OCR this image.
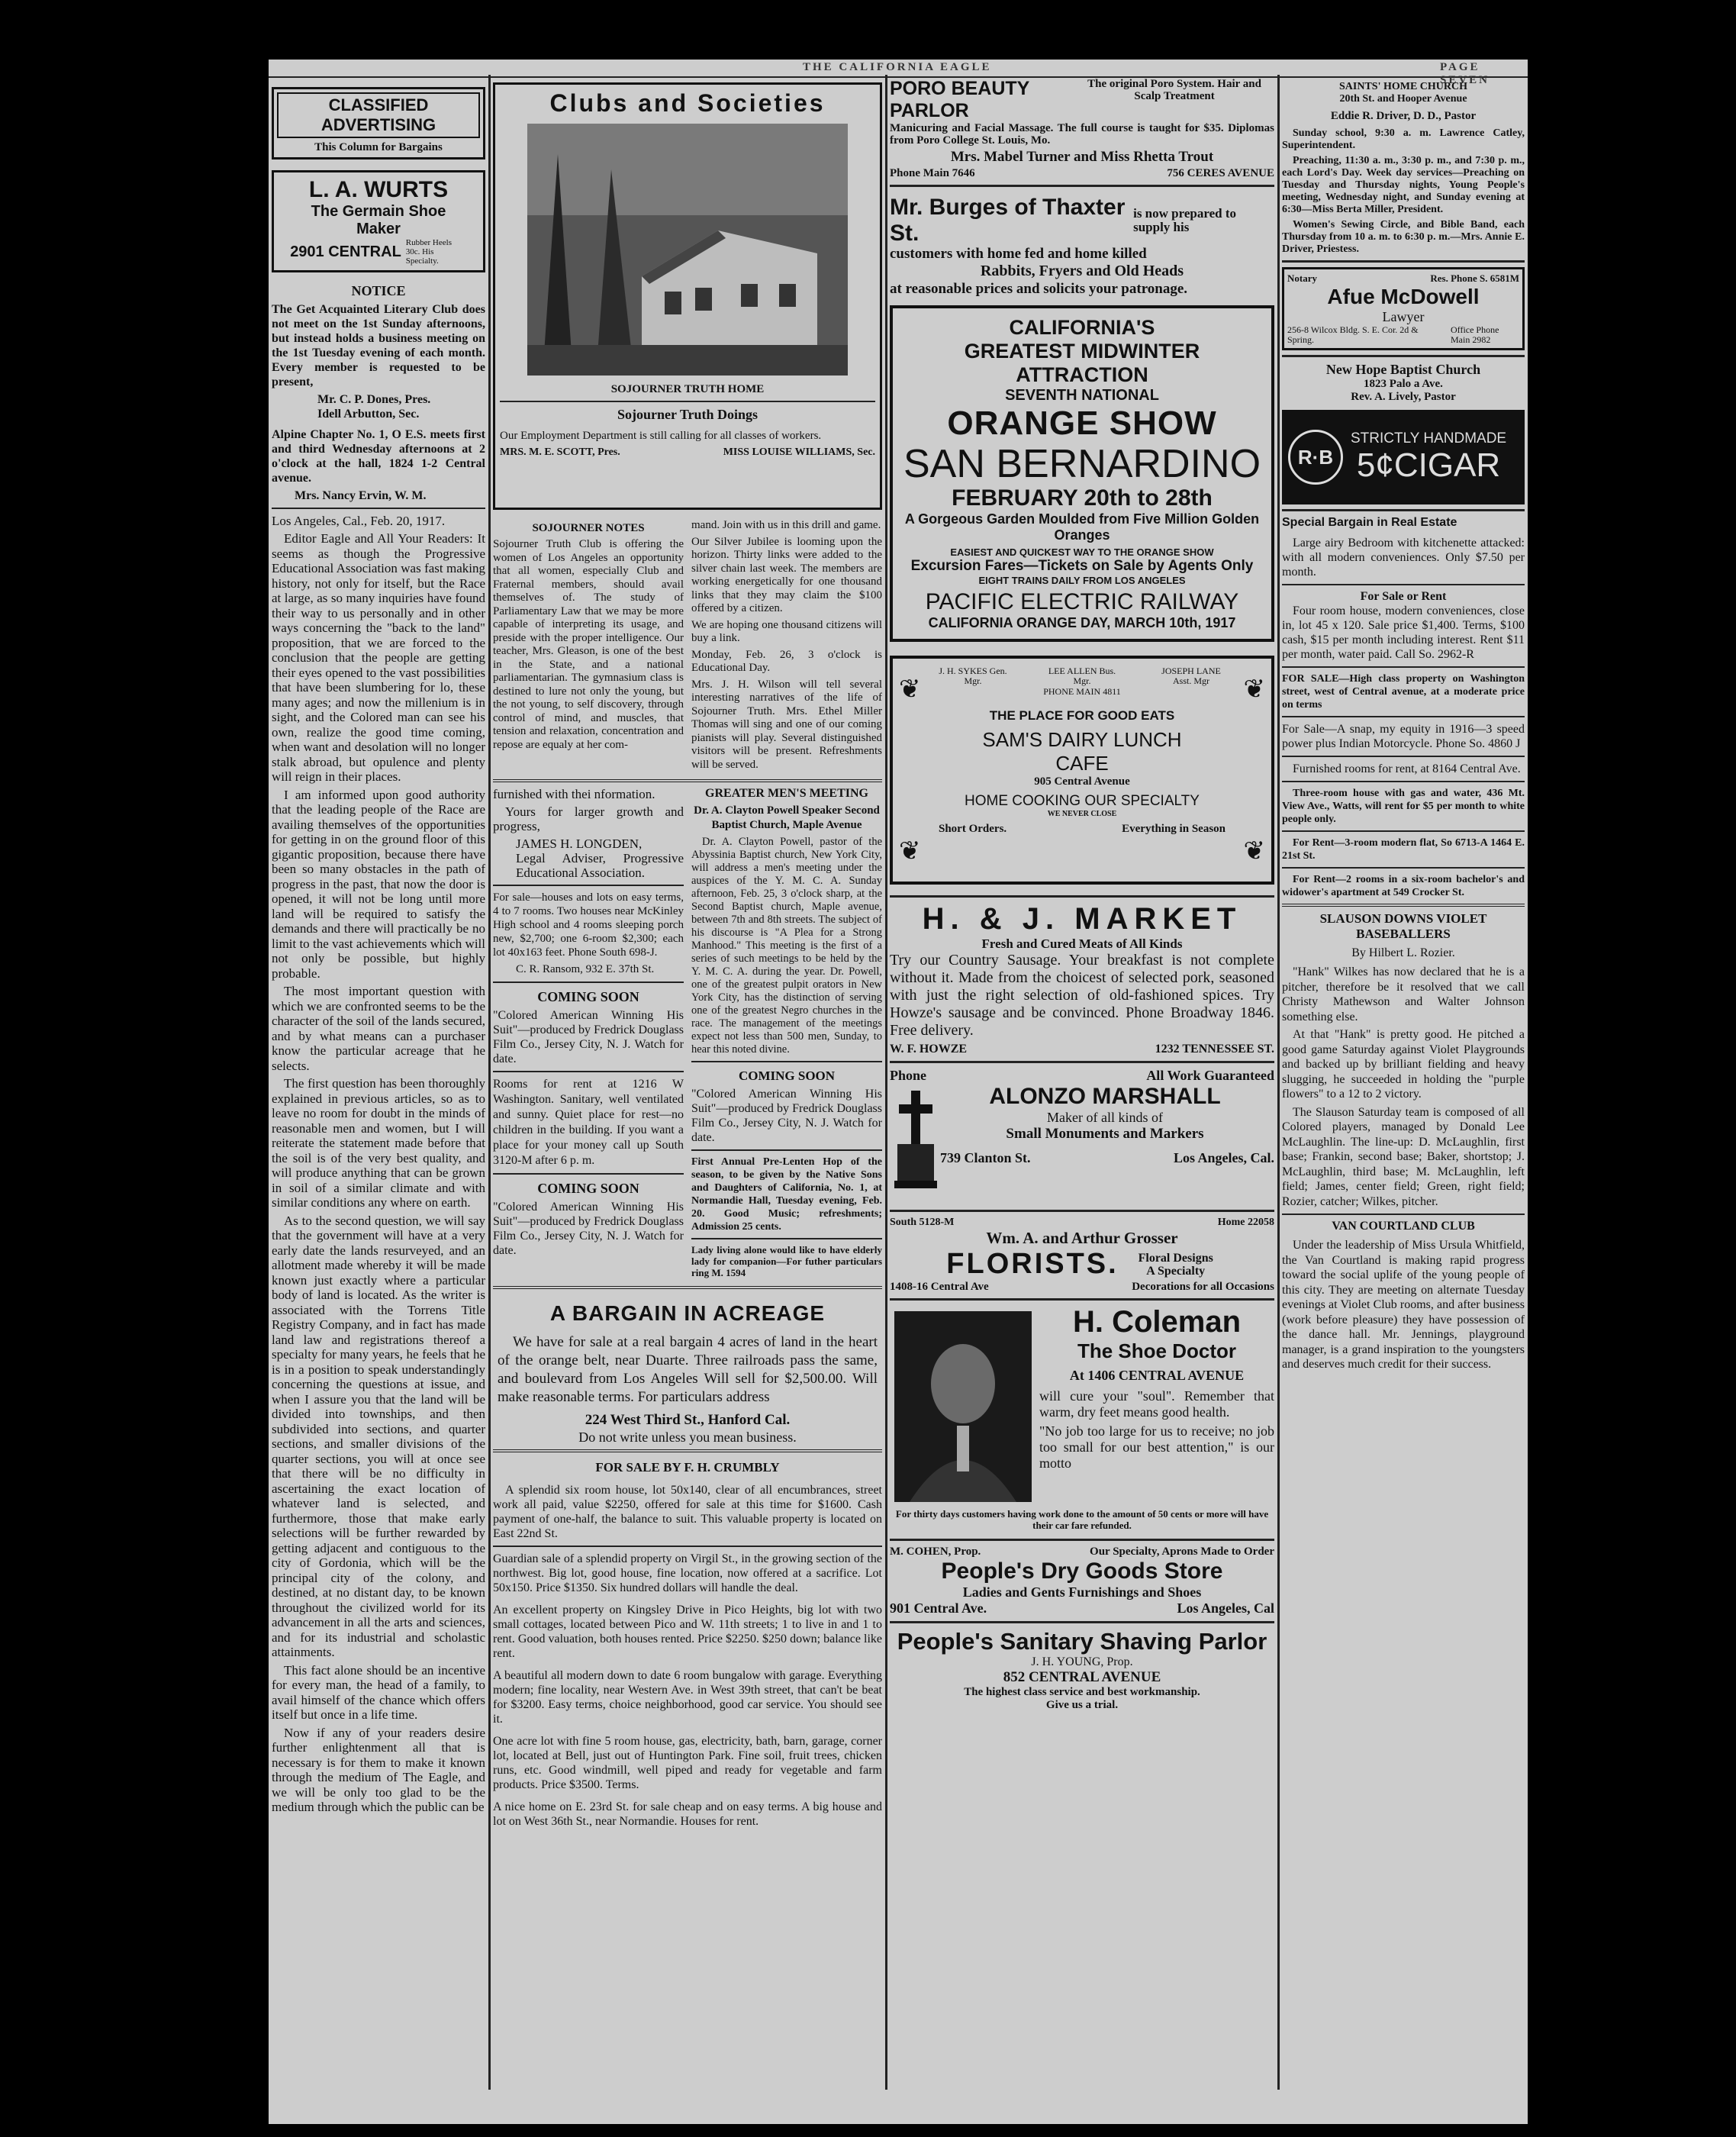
THE CALIFORNIA EAGLE	PAGE SEVEN
CLASSIFIED ADVERTISING
This Column for Bargains
L. A. WURTS
The Germain Shoe Maker
2901 CENTRAL
Rubber Heels 30c. His Specialty.
NOTICE

The Get Acquainted Literary Club does not meet on the 1st Sunday afternoons, but instead holds a business meeting on the 1st Tuesday evening of each month. Every member is requested to be present,

Mr. C. P. Dones, Pres.

Idell Arbutton, Sec.

Alpine Chapter No. 1, O E.S. meets first and third Wednesday afternoons at 2 o'clock at the hall, 1824 1-2 Central avenue.

Mrs. Nancy Ervin, W. M.

Los Angeles, Cal., Feb. 20, 1917.

Editor Eagle and All Your Readers: It seems as though the Progressive Educational Association was fast making history, not only for itself, but the Race at large, as so many inquiries have found their way to us personally and in other ways concerning the "back to the land" proposition, that we are forced to the conclusion that the people are getting their eyes opened to the vast possibilities that have been slumbering for lo, these many ages; and now the millenium is in sight, and the Colored man can see his own, realize the good time coming, when want and desolation will no longer stalk abroad, but opulence and plenty will reign in their places.

I am informed upon good authority that the leading people of the Race are availing themselves of the opportunities for getting in on the ground floor of this gigantic proposition, because there have been so many obstacles in the path of progress in the past, that now the door is opened, it will not be long until more land will be required to satisfy the demands and there will practically be no limit to the vast achievements which will not only be possible, but highly probable.

The most important question with which we are confronted seems to be the character of the soil of the lands secured, and by what means can a purchaser know the particular acreage that he selects.

The first question has been thoroughly explained in previous articles, so as to leave no room for doubt in the minds of reasonable men and women, but I will reiterate the statement made before that the soil is of the very best quality, and will produce anything that can be grown in soil of a similar climate and with similar conditions any where on earth.

As to the second question, we will say that the government will have at a very early date the lands resurveyed, and an allotment made whereby it will be made known just exactly where a particular body of land is located. As the writer is associated with the Torrens Title Registry Company, and in fact has made land law and registrations thereof a specialty for many years, he feels that he is in a position to speak understandingly concerning the questions at issue, and when I assure you that the land will be divided into townships, and then subdivided into sections, and quarter sections, and smaller divisions of the quarter sections, you will at once see that there will be no difficulty in ascertaining the exact location of whatever land is selected, and furthermore, those that make early selections will be further rewarded by getting adjacent and contiguous to the city of Gordonia, which will be the principal city of the colony, and destined, at no distant day, to be known throughout the civilized world for its advancement in all the arts and sciences, and for its industrial and scholastic attainments.

This fact alone should be an incentive for every man, the head of a family, to avail himself of the chance which offers itself but once in a life time.

Now if any of your readers desire further enlightenment all that is necessary is for them to make it known through the medium of The Eagle, and we will be only too glad to be the medium through which the public can be

Clubs and Societies
SOJOURNER TRUTH HOME
Sojourner Truth Doings

Our Employment Department is still calling for all classes of workers.

MRS. M. E. SCOTT, Pres.	MISS LOUISE WILLIAMS, Sec.
SOJOURNER NOTES

Sojourner Truth Club is offering the women of Los Angeles an opportunity that all women, especially Club and Fraternal members, should avail themselves of. The study of Parliamentary Law that we may be more capable of interpreting its usage, and preside with the proper intelligence. Our teacher, Mrs. Gleason, is one of the best in the State, and a national parliamentarian. The gymnasium class is destined to lure not only the young, but the not young, to self discovery, through control of mind, and muscles, that tension and relaxation, concentration and repose are equaly at her com-

mand. Join with us in this drill and game.

Our Silver Jubilee is looming upon the horizon. Thirty links were added to the silver chain last week. The members are working energetically for one thousand links that they may claim the $100 offered by a citizen.

We are hoping one thousand citizens will buy a link.

Monday, Feb. 26, 3 o'clock is Educational Day.

Mrs. J. H. Wilson will tell several interesting narratives of the life of Sojourner Truth. Mrs. Ethel Miller Thomas will sing and one of our coming pianists will play. Several distinguished visitors will be present. Refreshments will be served.

furnished with thei nformation.

Yours for larger growth and progress,

JAMES H. LONGDEN,

Legal Adviser, Progressive Educational Association.

For sale—houses and lots on easy terms, 4 to 7 rooms. Two houses near McKinley High school and 4 rooms sleeping porch new, $2,700; one 6-room $2,300; each lot 40x163 feet. Phone South 698-J.

C. R. Ransom, 932 E. 37th St.

COMING SOON

"Colored American Winning His Suit"—produced by Fredrick Douglass Film Co., Jersey City, N. J. Watch for date.

Rooms for rent at 1216 W Washington. Sanitary, well ventilated and sunny. Quiet place for rest—no children in the building. If you want a place for your money call up South 3120-M after 6 p. m.

COMING SOON

"Colored American Winning His Suit"—produced by Fredrick Douglass Film Co., Jersey City, N. J. Watch for date.

GREATER MEN'S MEETING

Dr. A. Clayton Powell Speaker Second Baptist Church, Maple Avenue

Dr. A. Clayton Powell, pastor of the Abyssinia Baptist church, New York City, will address a men's meeting under the auspices of the Y. M. C. A. Sunday afternoon, Feb. 25, 3 o'clock sharp, at the Second Baptist church, Maple avenue, between 7th and 8th streets. The subject of his discourse is "A Plea for a Strong Manhood." This meeting is the first of a series of such meetings to be held by the Y. M. C. A. during the year. Dr. Powell, one of the greatest pulpit orators in New York City, has the distinction of serving one of the greatest Negro churches in the race. The management of the meetings expect not less than 500 men, Sunday, to hear this noted divine.

COMING SOON

"Colored American Winning His Suit"—produced by Fredrick Douglass Film Co., Jersey City, N. J. Watch for date.

First Annual Pre-Lenten Hop of the season, to be given by the Native Sons and Daughters of California, No. 1, at Normandie Hall, Tuesday evening, Feb. 20. Good Music; refreshments; Admission 25 cents.

Lady living alone would like to have elderly lady for companion—For futher particulars ring M. 1594

A BARGAIN IN ACREAGE

We have for sale at a real bargain 4 acres of land in the heart of the orange belt, near Duarte. Three railroads pass the same, and boulevard from Los Angeles Will sell for $2,500.00. Will make reasonable terms. For particulars address

224 West Third St., Hanford Cal.

Do not write unless you mean business.

FOR SALE BY F. H. CRUMBLY

A splendid six room house, lot 50x140, clear of all encumbrances, street work all paid, value $2250, offered for sale at this time for $1600. Cash payment of one-half, the balance to suit. This valuable property is located on East 22nd St.

Guardian sale of a splendid property on Virgil St., in the growing section of the northwest. Big lot, good house, fine location, now offered at a sacrifice. Lot 50x150. Price $1350. Six hundred dollars will handle the deal.

An excellent property on Kingsley Drive in Pico Heights, big lot with two small cottages, located between Pico and W. 11th streets; 1 to live in and 1 to rent. Good valuation, both houses rented. Price $2250. $250 down; balance like rent.

A beautiful all modern down to date 6 room bungalow with garage. Everything modern; fine locality, near Western Ave. in West 39th street, that can't be beat for $3200. Easy terms, choice neighborhood, good car service. You should see it.

One acre lot with fine 5 room house, gas, electricity, bath, barn, garage, corner lot, located at Bell, just out of Huntington Park. Fine soil, fruit trees, chicken runs, etc. Good windmill, well piped and ready for vegetable and farm products. Price $3500. Terms.

A nice home on E. 23rd St. for sale cheap and on easy terms. A big house and lot on West 36th St., near Normandie. Houses for rent.

PORO BEAUTY PARLOR
The original Poro System. Hair and Scalp Treatment

Manicuring and Facial Massage. The full course is taught for $35. Diplomas from Poro College St. Louis, Mo.

Mrs. Mabel Turner and Miss Rhetta Trout

Phone Main 7646	756 CERES AVENUE
Mr. Burges of Thaxter St.
is now prepared to supply his

customers with home fed and home killed

Rabbits, Fryers and Old Heads

at reasonable prices and solicits your patronage.

CALIFORNIA'S
GREATEST MIDWINTER ATTRACTION
SEVENTH NATIONAL
ORANGE SHOW
SAN BERNARDINO
FEBRUARY 20th to 28th
A Gorgeous Garden Moulded from Five Million Golden Oranges
EASIEST AND QUICKEST WAY TO THE ORANGE SHOW
Excursion Fares—Tickets on Sale by Agents Only
EIGHT TRAINS DAILY FROM LOS ANGELES
PACIFIC ELECTRIC RAILWAY
CALIFORNIA ORANGE DAY, MARCH 10th, 1917
❦	❦
❦	❦
J. H. SYKES Gen. Mgr.
LEE ALLEN Bus. Mgr.
JOSEPH LANE Asst. Mgr
PHONE MAIN 4811
THE PLACE FOR GOOD EATS
SAM'S DAIRY LUNCH
CAFE
905 Central Avenue
HOME COOKING OUR SPECIALTY
WE NEVER CLOSE
Short Orders.	Everything in Season
H. & J. MARKET
Fresh and Cured Meats of All Kinds

Try our Country Sausage. Your breakfast is not complete without it. Made from the choicest of selected pork, seasoned with just the right selection of old-fashioned spices. Try Howze's sausage and be convinced. Phone Broadway 1846. Free delivery.

W. F. HOWZE	1232 TENNESSEE ST.
Phone	All Work Guaranteed
ALONZO MARSHALL
Maker of all kinds of
Small Monuments and Markers
739 Clanton St.	Los Angeles, Cal.
South 5128-M	Home 22058
Wm. A. and Arthur Grosser
FLORISTS.	Floral Designs A Specialty
1408-16 Central Ave	Decorations for all Occasions
H. Coleman
The Shoe Doctor
At 1406 CENTRAL AVENUE

will cure your "soul". Remember that warm, dry feet means good health.

"No job too large for us to receive; no job too small for our best attention," is our motto

For thirty days customers having work done to the amount of 50 cents or more will have their car fare refunded.

M. COHEN, Prop.	Our Specialty, Aprons Made to Order
People's Dry Goods Store
Ladies and Gents Furnishings and Shoes
901 Central Ave.	Los Angeles, Cal
People's Sanitary Shaving Parlor
J. H. YOUNG, Prop.
852 CENTRAL AVENUE
The highest class service and best workmanship.
Give us a trial.
SAINTS' HOME CHURCH
20th St. and Hooper Avenue
Eddie R. Driver, D. D., Pastor

Sunday school, 9:30 a. m. Lawrence Catley, Superintendent.

Preaching, 11:30 a. m., 3:30 p. m., and 7:30 p. m., each Lord's Day. Week day services—Preaching on Tuesday and Thursday nights, Young People's meeting, Wednesday night, and Sunday evening at 6:30—Miss Berta Miller, President.

Women's Sewing Circle, and Bible Band, each Thursday from 10 a. m. to 6:30 p. m.—Mrs. Annie E. Driver, Priestess.

Notary	Res. Phone S. 6581M
Afue McDowell
Lawyer
256-8 Wilcox Bldg. S. E. Cor. 2d & Spring.
Office Phone Main 2982
New Hope Baptist Church
1823 Palo a Ave.
Rev. A. Lively, Pastor
R·B
STRICTLY HANDMADE
5¢CIGAR
Special Bargain in Real Estate

Large airy Bedroom with kitchenette attacked: with all modern conveniences. Only $7.50 per month.

For Sale or Rent

Four room house, modern conveniences, close in, lot 45 x 120. Sale price $1,400. Terms, $100 cash, $15 per month including interest. Rent $11 per month, water paid. Call So. 2962-R

FOR SALE—High class property on Washington street, west of Central avenue, at a moderate price on terms

For Sale—A snap, my equity in 1916—3 speed power plus Indian Motorcycle. Phone So. 4860 J

Furnished rooms for rent, at 8164 Central Ave.

Three-room house with gas and water, 436 Mt. View Ave., Watts, will rent for $5 per month to white people only.

For Rent—3-room modern flat, So 6713-A 1464 E. 21st St.

For Rent—2 rooms in a six-room bachelor's and widower's apartment at 549 Crocker St.

SLAUSON DOWNS VIOLET BASEBALLERS
By Hilbert L. Rozier.

"Hank" Wilkes has now declared that he is a pitcher, therefore be it resolved that we call Christy Mathewson and Walter Johnson something else.

At that "Hank" is pretty good. He pitched a good game Saturday against Violet Playgrounds and backed up by brilliant fielding and heavy slugging, he succeeded in holding the "purple flowers" to a 12 to 2 victory.

The Slauson Saturday team is composed of all Colored players, managed by Donald Lee McLaughlin. The line-up: D. McLaughlin, first base; Frankin, second base; Baker, shortstop; J. McLaughlin, third base; M. McLaughlin, left field; James, center field; Green, right field; Rozier, catcher; Wilkes, pitcher.

VAN COURTLAND CLUB

Under the leadership of Miss Ursula Whitfield, the Van Courtland is making rapid progress toward the social uplife of the young people of this city. They are meeting on alternate Tuesday evenings at Violet Club rooms, and after business (work before pleasure) they have possession of the dance hall. Mr. Jennings, playground manager, is a grand inspiration to the youngsters and deserves much credit for their success.
